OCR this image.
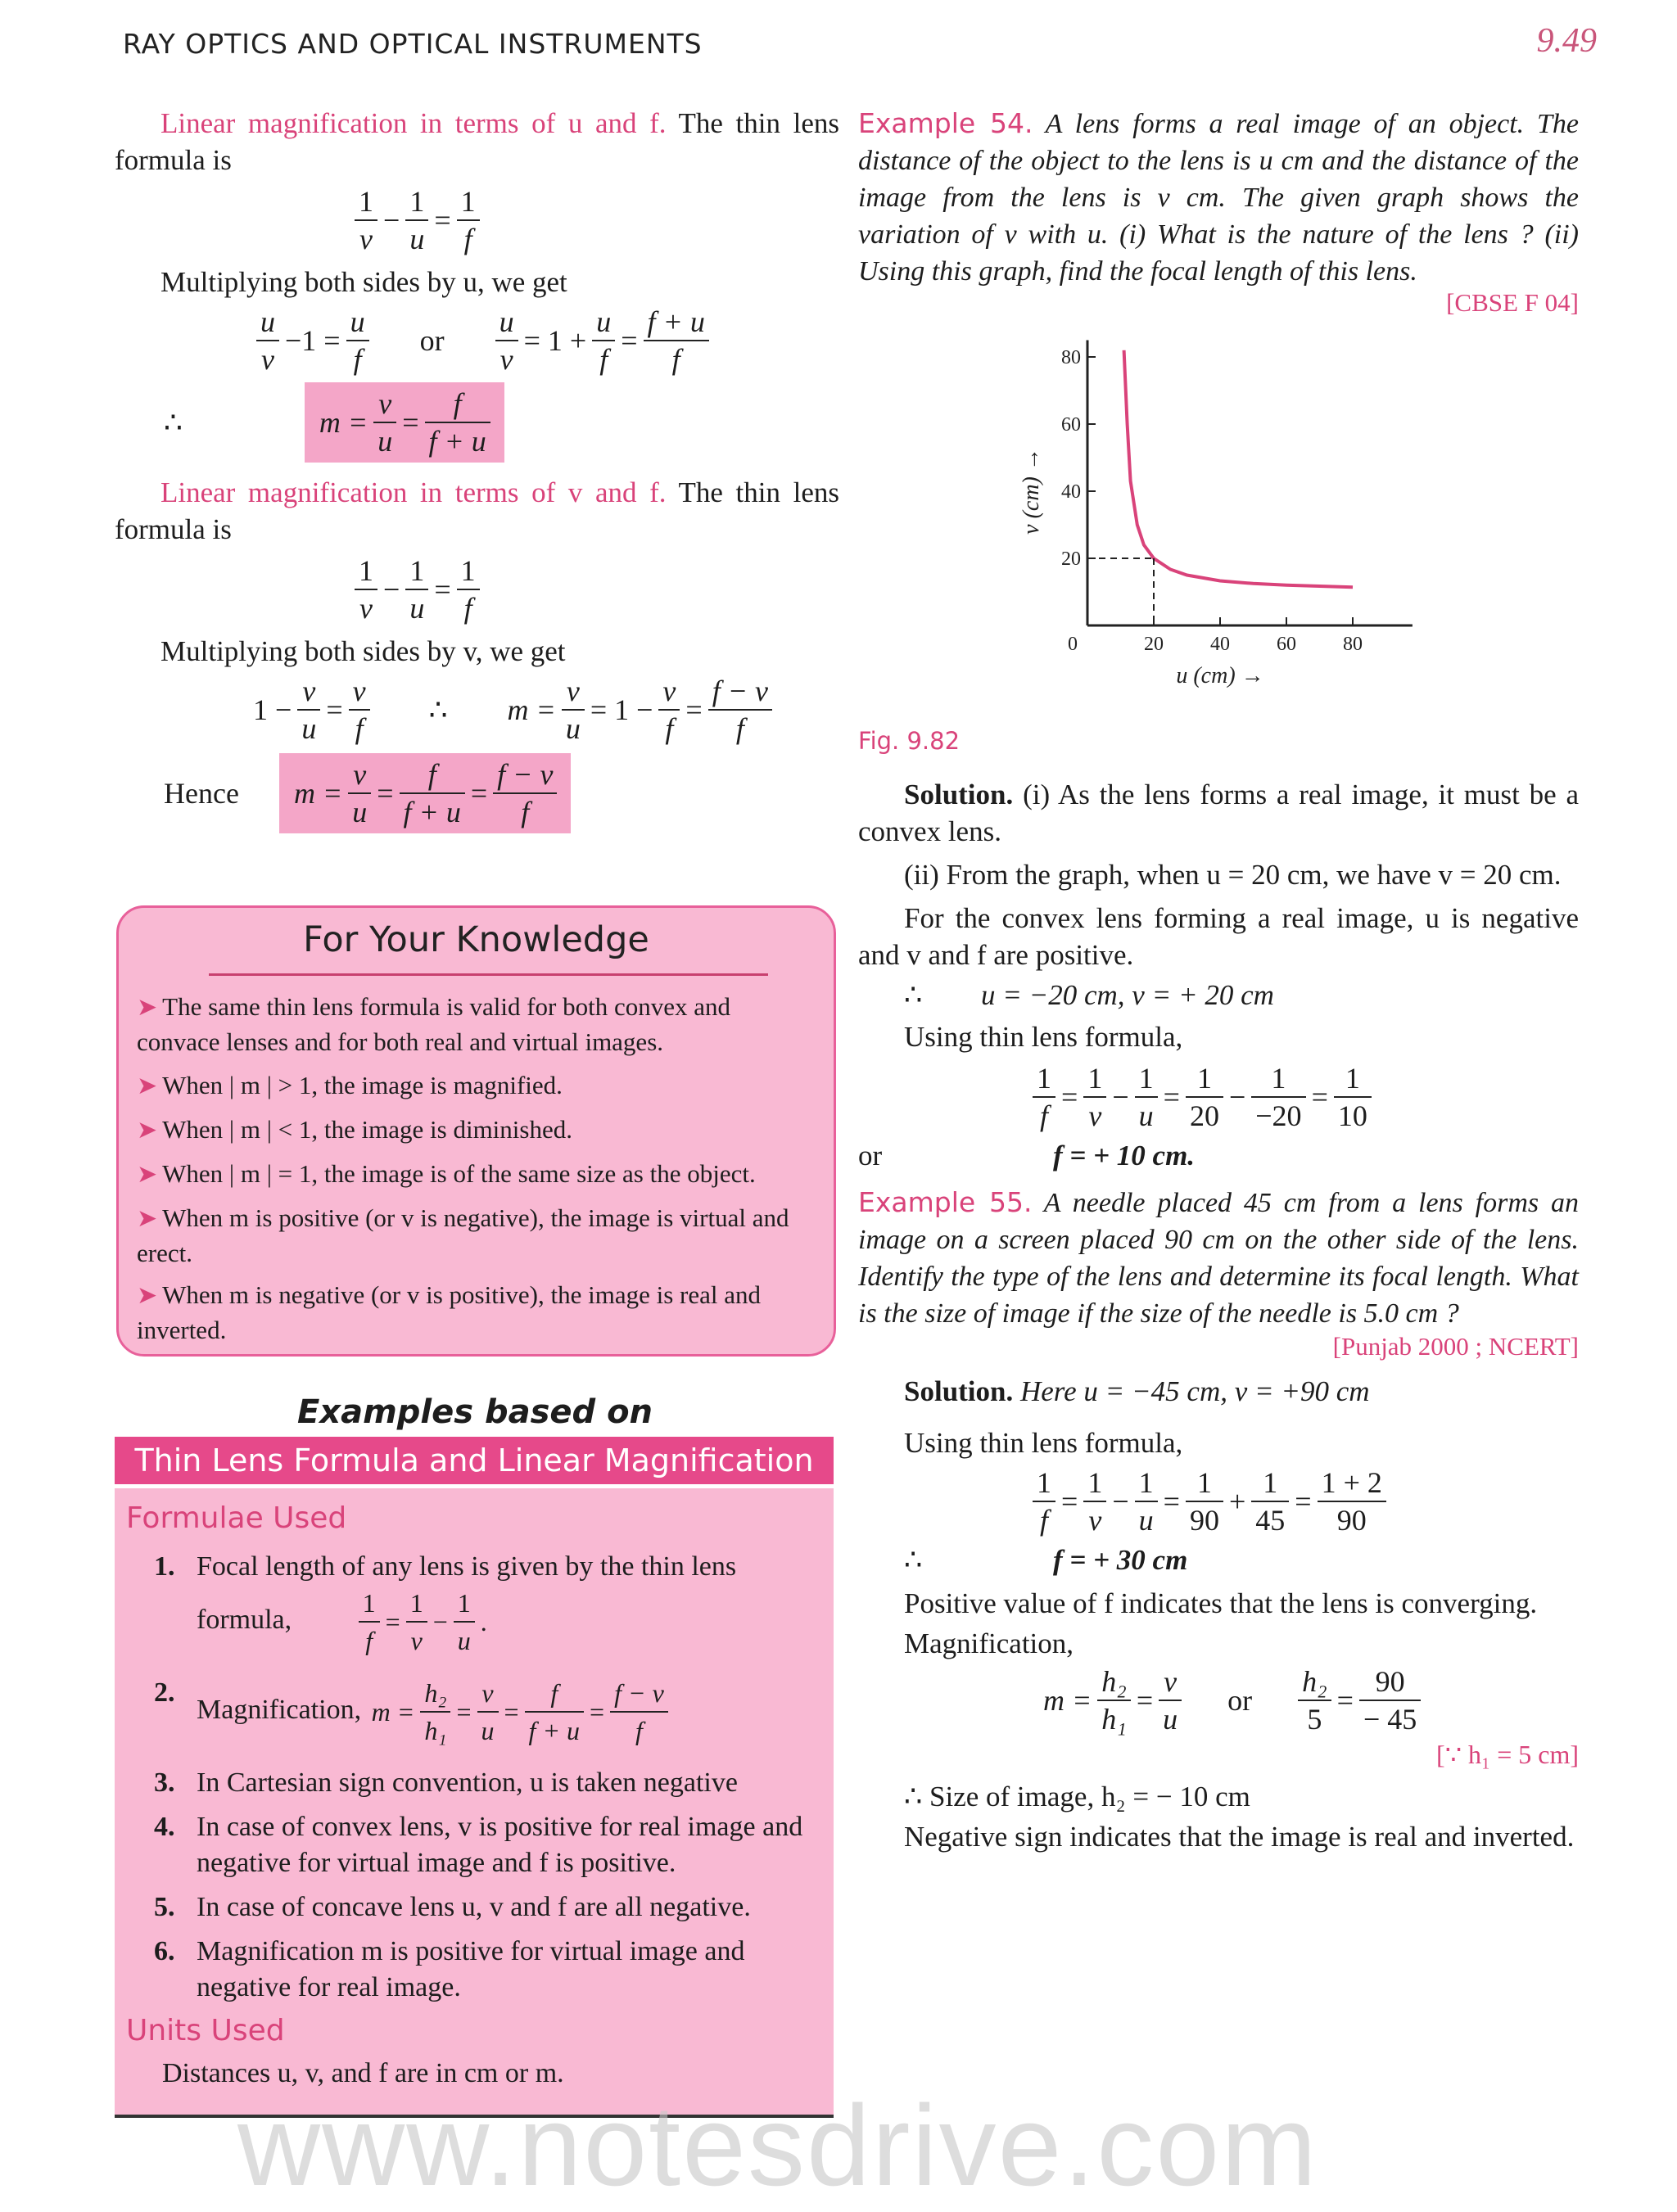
RAY OPTICS AND OPTICAL INSTRUMENTS	9.49
Linear magnification in terms of u and f. The thin lens formula is
$\frac{1}{v} - \frac{1}{u} = \frac{1}{f}$
Multiplying both sides by u, we get
$\frac{u}{v} -1 = \frac{u}{f}$ or $\frac{u}{v} = 1 + \frac{u}{f} = \frac{f + u}{f}$
∴	$m = \frac{v}{u} = \frac{f}{f + u}$
Linear magnification in terms of v and f. The thin lens formula is
$\frac{1}{v} - \frac{1}{u} = \frac{1}{f}$
Multiplying both sides by v, we get
$1 - \frac{v}{u} = \frac{v}{f}$ ∴ $m = \frac{v}{u} = 1 - \frac{v}{f} = \frac{f - v}{f}$
Hence $m = \frac{v}{u} = \frac{f}{f + u} = \frac{f - v}{f}$
For Your Knowledge
➤ The same thin lens formula is valid for both convex and convace lenses and for both real and virtual images.
➤ When | m | > 1, the image is magnified.
➤ When | m | < 1, the image is diminished.
➤ When | m | = 1, the image is of the same size as the object.
➤ When m is positive (or v is negative), the image is virtual and erect.
➤ When m is negative (or v is positive), the image is real and inverted.
Examples based on
Thin Lens Formula and Linear Magnification
Formulae Used
1. Focal length of any lens is given by the thin lens formula,	$\frac{1}{f} = \frac{1}{v} - \frac{1}{u}$ .
2.
Magnification, $m = \frac{\text{h₂}}{\text{h₁}} = \frac{v}{u} = \frac{f}{f + u} = \frac{f - v}{f}$
3. In Cartesian sign convention, u is taken negative
4. In case of convex lens, v is positive for real image and negative for virtual image and f is positive.
5. In case of concave lens u, v and f are all negative.
6. Magnification m is positive for virtual image and negative for real image.
Units Used
Distances u, v, and f are in cm or m.
Example 54. A lens forms a real image of an object. The distance of the object to the lens is u cm and the distance of the image from the lens is v cm. The given graph shows the variation of v with u. (i) What is the nature of the lens ? (ii) Using this graph, find the focal length of this lens.
[CBSE F 04]
0	20 40 60 80
20
40
60
80
u (cm) →
v (cm) →
Fig. 9.82
Solution. (i) As the lens forms a real image, it must be a convex lens.
(ii) From the graph, when u = 20 cm, we have v = 20 cm.
For the convex lens forming a real image, u is negative and v and f are positive.
∴ u = −20 cm, v = + 20 cm
Using thin lens formula,
$\frac{1}{f} = \frac{1}{v} - \frac{1}{u} = \frac{1}{20} - \frac{1}{-20} = \frac{1}{10}$
or	f = + 10 cm.
Example 55. A needle placed 45 cm from a lens forms an image on a screen placed 90 cm on the other side of the lens. Identify the type of the lens and determine its focal length. What is the size of image if the size of the needle is 5.0 cm ?
[Punjab 2000 ; NCERT]
Solution. Here u = −45 cm, v = +90 cm
Using thin lens formula,
$\frac{1}{f} = \frac{1}{v} - \frac{1}{u} = \frac{1}{90} + \frac{1}{45} = \frac{1 + 2}{90}$
∴	f = + 30 cm
Positive value of f indicates that the lens is converging.
Magnification,
$m = \frac{\text{h₂}}{\text{h₁}} = \frac{v}{u}$ or $\frac{\text{h₂}}{5} = \frac{90}{- 45}$
[∵ h₁ = 5 cm]
∴ Size of image, h₂ = − 10 cm
Negative sign indicates that the image is real and inverted.
www.notesdrive.com
